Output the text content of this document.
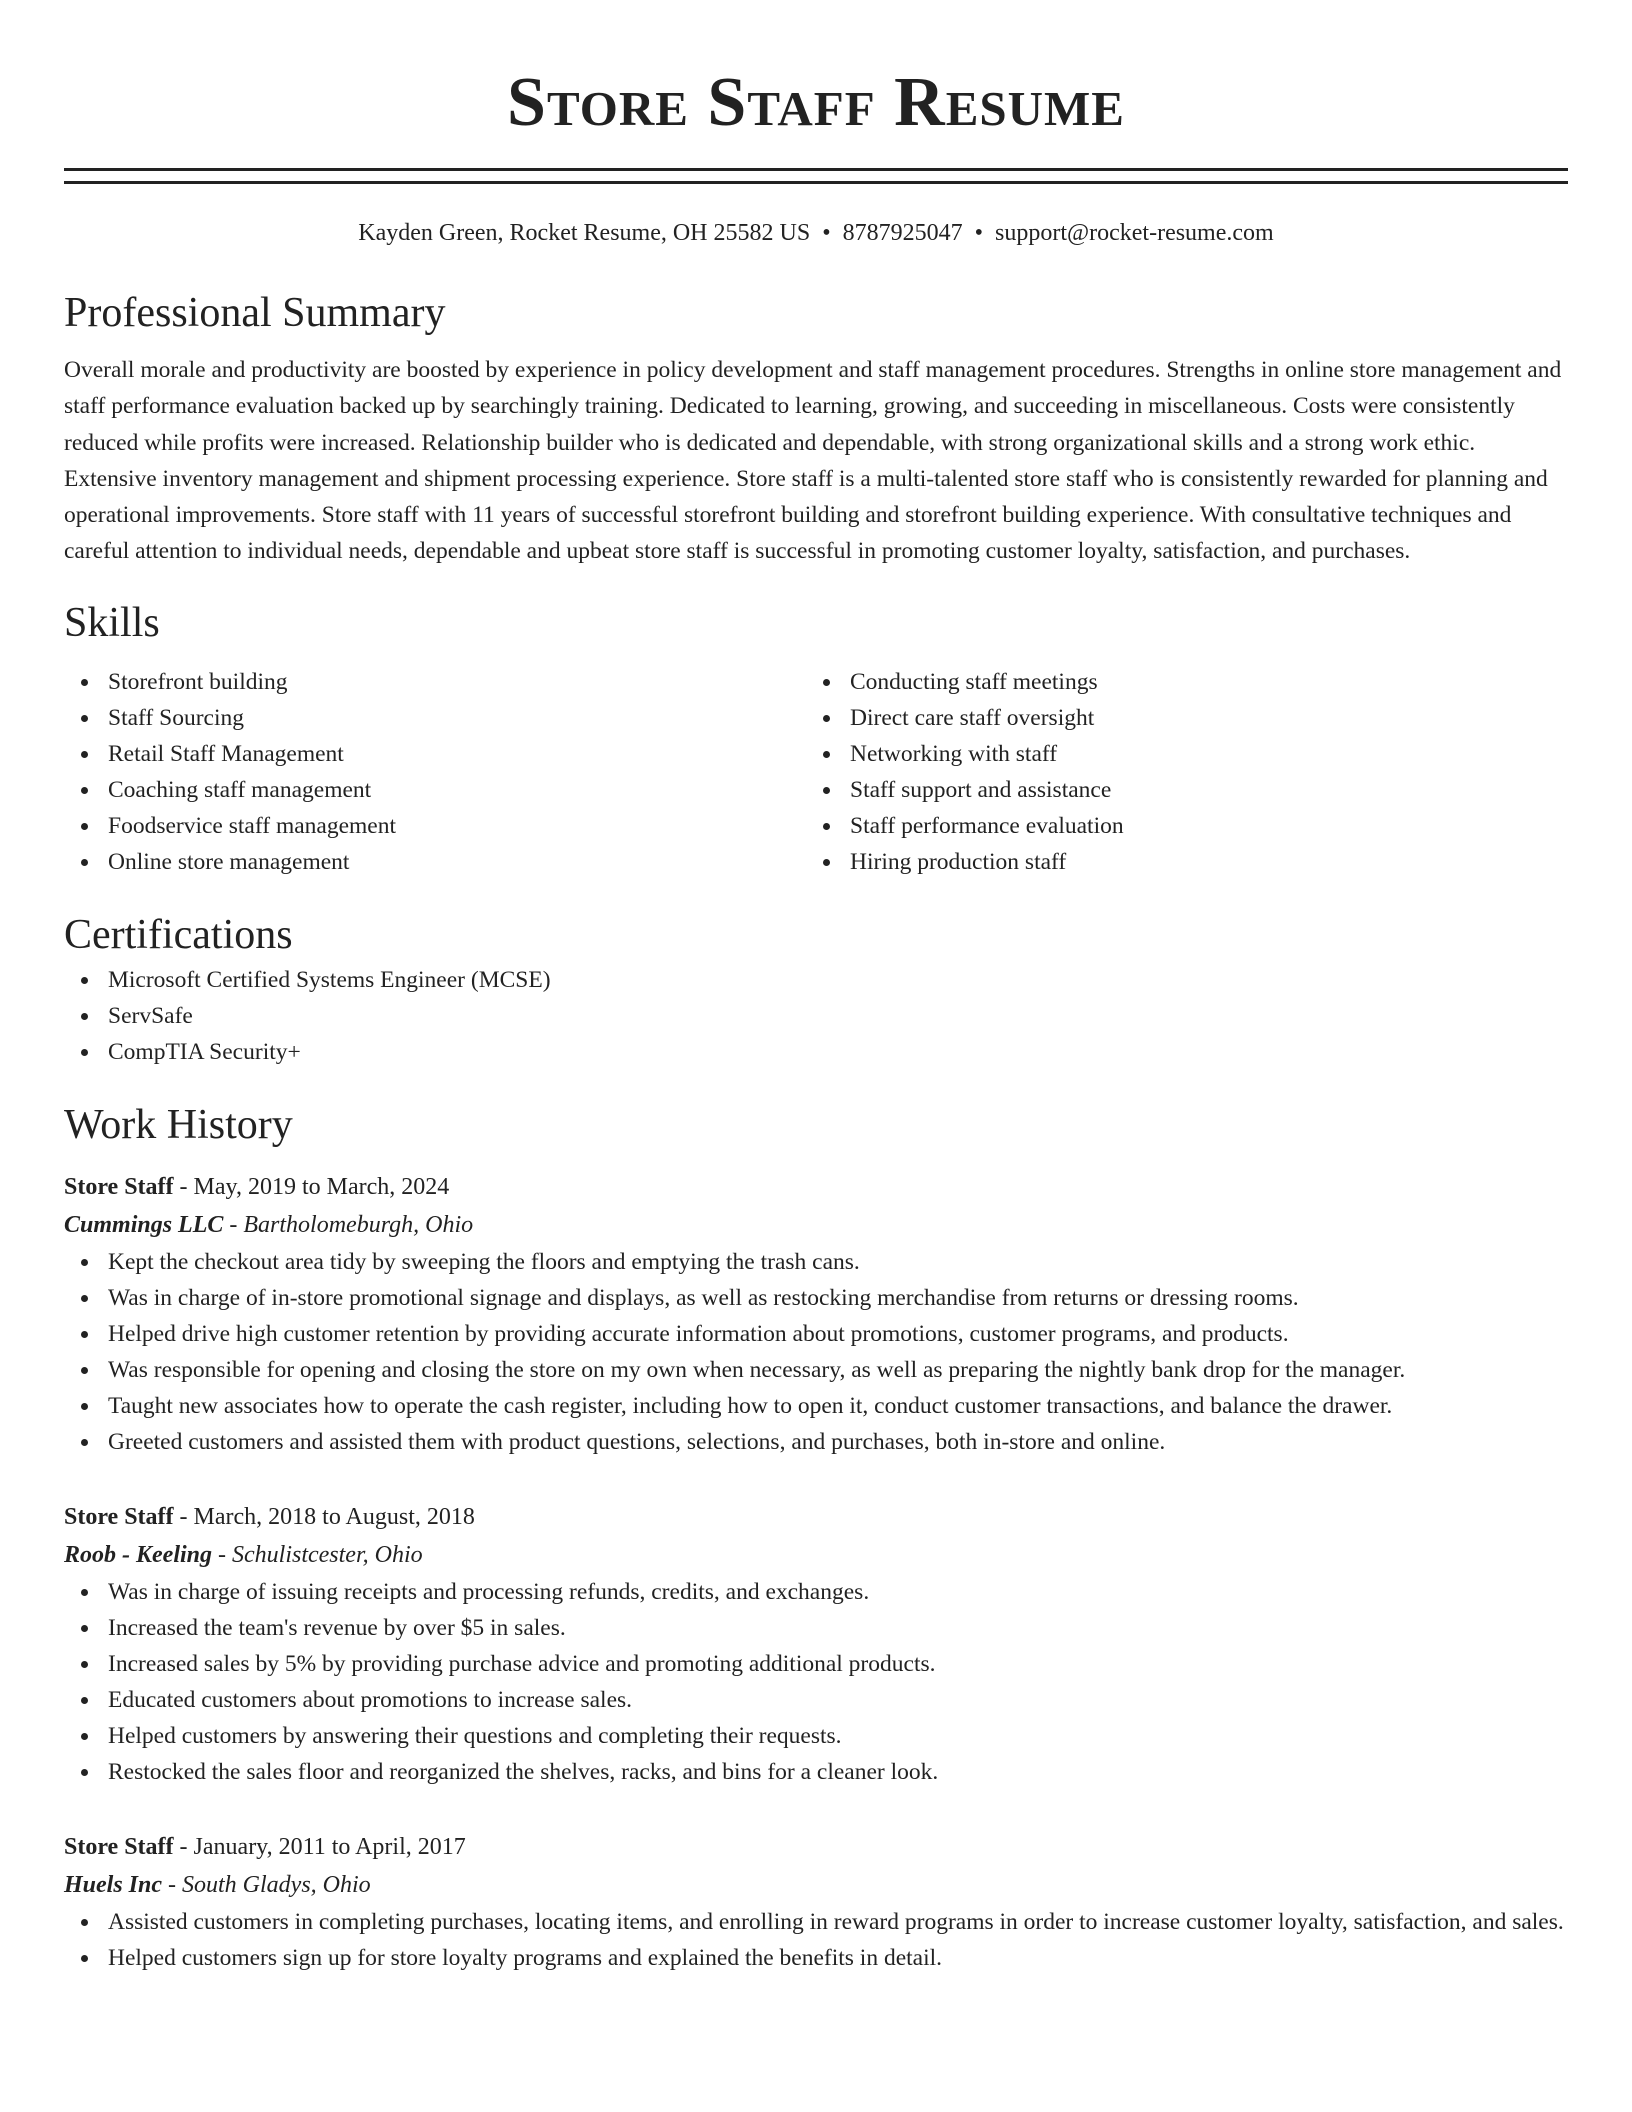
Store Staff Resume
Kayden Green, Rocket Resume, OH 25582 US • 8787925047 • support@rocket-resume.com
Professional Summary

Overall morale and productivity are boosted by experience in policy development and staff management procedures. Strengths in online store management and staff performance evaluation backed up by searchingly training. Dedicated to learning, growing, and succeeding in miscellaneous. Costs were consistently reduced while profits were increased. Relationship builder who is dedicated and dependable, with strong organizational skills and a strong work ethic. Extensive inventory management and shipment processing experience. Store staff is a multi-talented store staff who is consistently rewarded for planning and operational improvements. Store staff with 11 years of successful storefront building and storefront building experience. With consultative techniques and careful attention to individual needs, dependable and upbeat store staff is successful in promoting customer loyalty, satisfaction, and purchases.

Skills
Storefront building
Staff Sourcing
Retail Staff Management
Coaching staff management
Foodservice staff management
Online store management
Conducting staff meetings
Direct care staff oversight
Networking with staff
Staff support and assistance
Staff performance evaluation
Hiring production staff
Certifications
Microsoft Certified Systems Engineer (MCSE)
ServSafe
CompTIA Security+
Work History
Store Staff - May, 2019 to March, 2024
Cummings LLC - Bartholomeburgh, Ohio
Kept the checkout area tidy by sweeping the floors and emptying the trash cans.
Was in charge of in-store promotional signage and displays, as well as restocking merchandise from returns or dressing rooms.
Helped drive high customer retention by providing accurate information about promotions, customer programs, and products.
Was responsible for opening and closing the store on my own when necessary, as well as preparing the nightly bank drop for the manager.
Taught new associates how to operate the cash register, including how to open it, conduct customer transactions, and balance the drawer.
Greeted customers and assisted them with product questions, selections, and purchases, both in-store and online.
Store Staff - March, 2018 to August, 2018
Roob - Keeling - Schulistcester, Ohio
Was in charge of issuing receipts and processing refunds, credits, and exchanges.
Increased the team's revenue by over $5 in sales.
Increased sales by 5% by providing purchase advice and promoting additional products.
Educated customers about promotions to increase sales.
Helped customers by answering their questions and completing their requests.
Restocked the sales floor and reorganized the shelves, racks, and bins for a cleaner look.
Store Staff - January, 2011 to April, 2017
Huels Inc - South Gladys, Ohio
Assisted customers in completing purchases, locating items, and enrolling in reward programs in order to increase customer loyalty, satisfaction, and sales.
Helped customers sign up for store loyalty programs and explained the benefits in detail.
